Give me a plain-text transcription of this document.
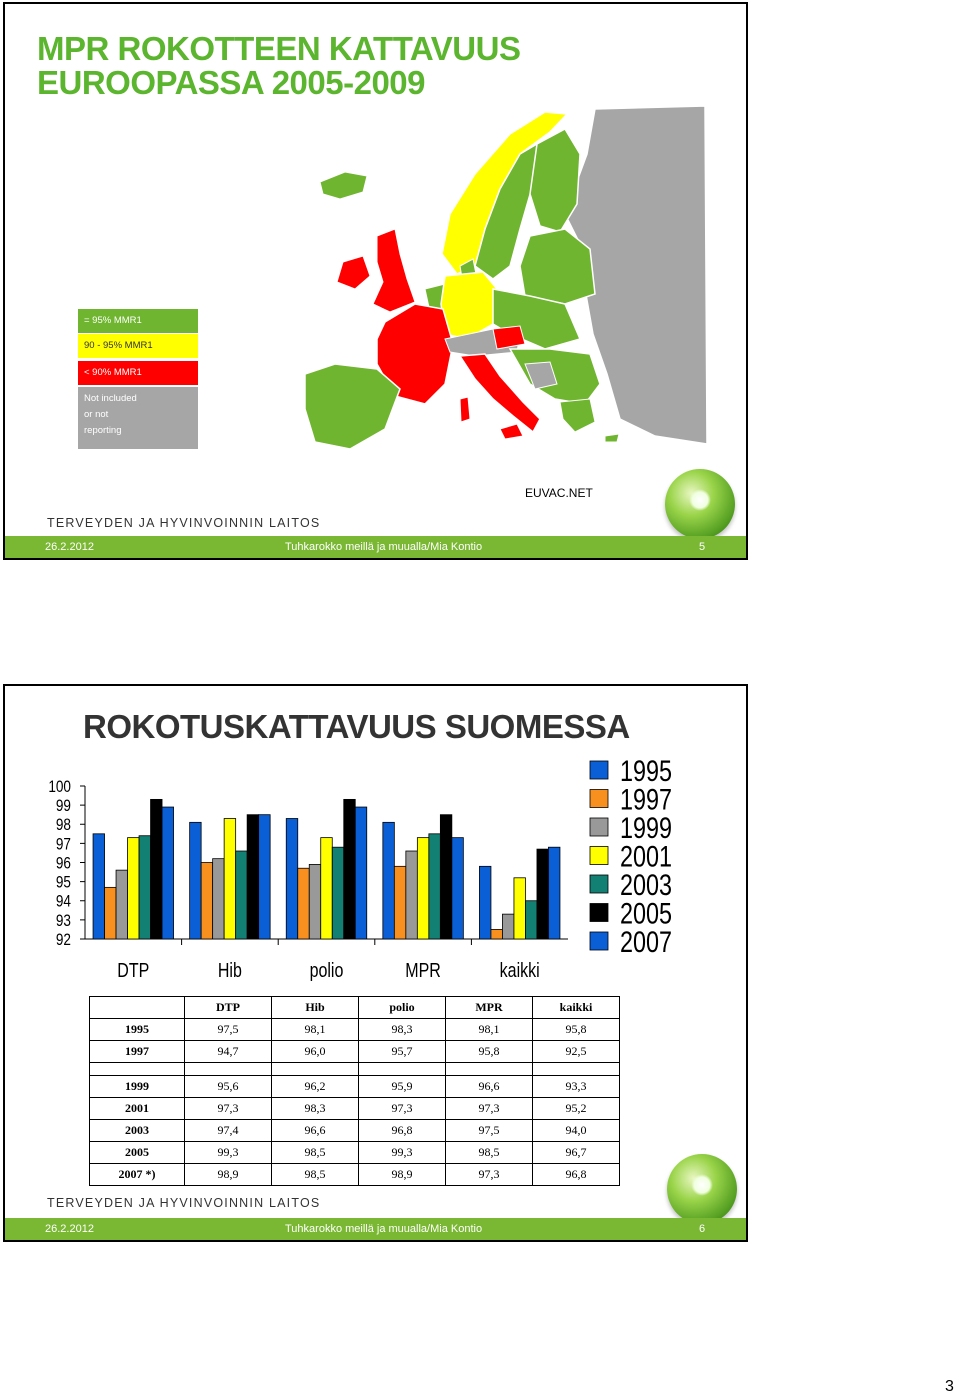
MPR ROKOTTEEN KATTAVUUS
EUROOPASSA 2005-2009
= 95% MMR1
90 - 95% MMR1
< 90% MMR1
Not included
or not
reporting
EUVAC.NET
TERVEYDEN JA HYVINVOINNIN LAITOS
26.2.2012	Tuhkarokko meillä ja muualla/Mia Kontio	5
ROKOTUSKATTAVUUS SUOMESSA
92
93
94
95
96
97
98
99
100
DTP	Hib	polio	MPR	kaikki
1995
1997
1999
2001
2003
2005
2007
	DTP	Hib	polio	MPR	kaikki
1995	97,5	98,1	98,3	98,1	95,8
1997	94,7	96,0	95,7	95,8	92,5

1999	95,6	96,2	95,9	96,6	93,3
2001	97,3	98,3	97,3	97,3	95,2
2003	97,4	96,6	96,8	97,5	94,0
2005	99,3	98,5	99,3	98,5	96,7
2007 *)	98,9	98,5	98,9	97,3	96,8
TERVEYDEN JA HYVINVOINNIN LAITOS
26.2.2012	Tuhkarokko meillä ja muualla/Mia Kontio	6
3
